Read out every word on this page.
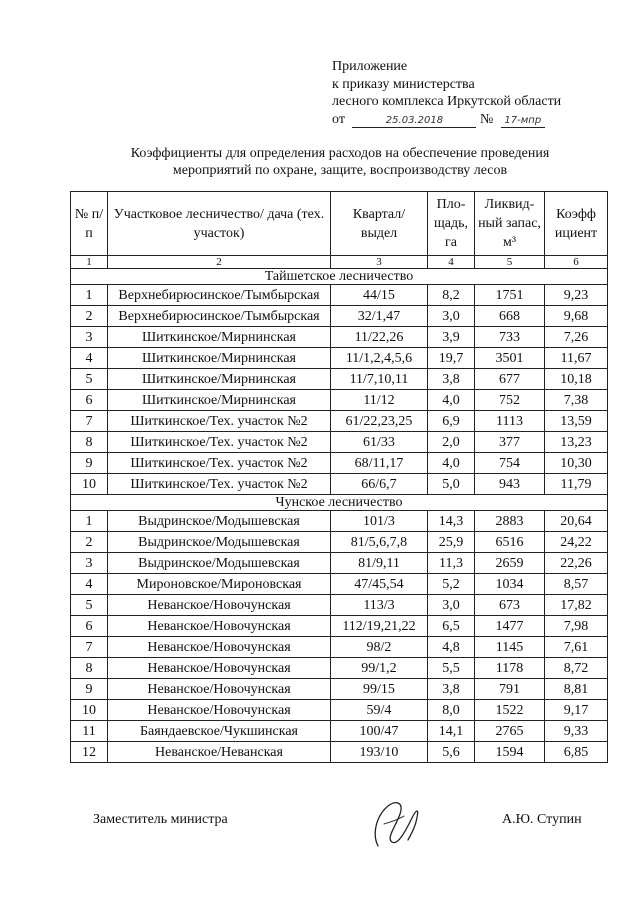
Приложение
к приказу министерства
лесного комплекса Иркутской области
от	25.03.2018	№ 17-мпр
Коэффициенты для определения расходов на обеспечение проведения
мероприятий по охране, защите, воспроизводству лесов
№ п/п	Участковое лесничество/ дача (тех. участок)	Квартал/ выдел	Пло-щадь, га	Ликвид-ный запас, м³	Коэфф ициент
1	2	3	4	5	6
Тайшетское лесничество					
1	Верхнебирюсинское/Тымбырская	44/15	8,2	1751	9,23
2	Верхнебирюсинское/Тымбырская	32/1,47	3,0	668	9,68
3	Шиткинское/Мирнинская	11/22,26	3,9	733	7,26
4	Шиткинское/Мирнинская	11/1,2,4,5,6	19,7	3501	11,67
5	Шиткинское/Мирнинская	11/7,10,11	3,8	677	10,18
6	Шиткинское/Мирнинская	11/12	4,0	752	7,38
7	Шиткинское/Тех. участок №2	61/22,23,25	6,9	1113	13,59
8	Шиткинское/Тех. участок №2	61/33	2,0	377	13,23
9	Шиткинское/Тех. участок №2	68/11,17	4,0	754	10,30
10	Шиткинское/Тех. участок №2	66/6,7	5,0	943	11,79
Чунское лесничество					
1	Выдринское/Модышевская	101/3	14,3	2883	20,64
2	Выдринское/Модышевская	81/5,6,7,8	25,9	6516	24,22
3	Выдринское/Модышевская	81/9,11	11,3	2659	22,26
4	Мироновское/Мироновская	47/45,54	5,2	1034	8,57
5	Неванское/Новочунская	113/3	3,0	673	17,82
6	Неванское/Новочунская	112/19,21,22	6,5	1477	7,98
7	Неванское/Новочунская	98/2	4,8	1145	7,61
8	Неванское/Новочунская	99/1,2	5,5	1178	8,72
9	Неванское/Новочунская	99/15	3,8	791	8,81
10	Неванское/Новочунская	59/4	8,0	1522	9,17
11	Баяндаевское/Чукшинская	100/47	14,1	2765	9,33
12	Неванское/Неванская	193/10	5,6	1594	6,85
Заместитель министра	А.Ю. Ступин
